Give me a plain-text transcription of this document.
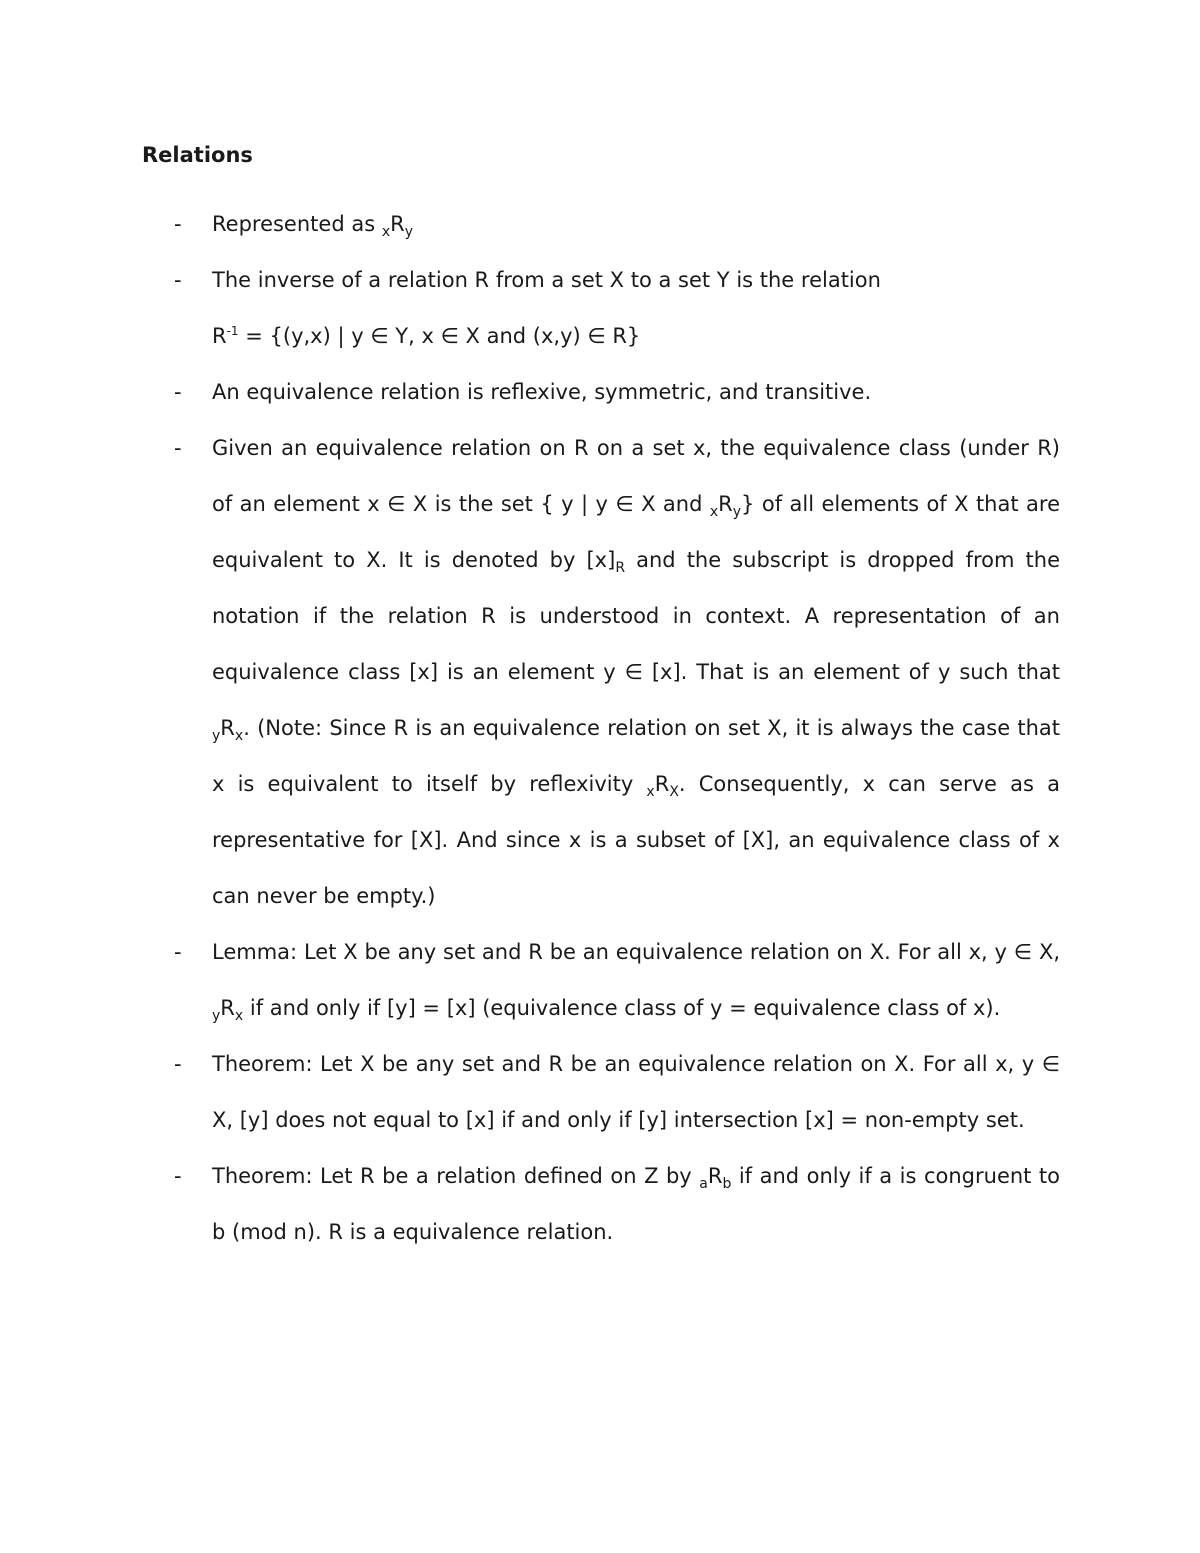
Relations
- Represented as $_xR_y$
- The inverse of a relation R from a set X to a set Y is the relation
$R^{-1} = \{(y,x)$ | y ∈ Y, x ∈ X and (x,y) ∈ R}
- An equivalence relation is reflexive, symmetric, and transitive.
- Given an equivalence relation on R on a set x, the equivalence class (under R) of an element x ∈ X is the set { y | y ∈ X and $_xR_y$} of all elements of X that are equivalent to X. It is denoted by $[x]_R$ and the subscript is dropped from the notation if the relation R is understood in context. A representation of an equivalence class [x] is an element y ∈ [x]. That is an element of y such that $_yR_x$. (Note: Since R is an equivalence relation on set X, it is always the case that x is equivalent to itself by reflexivity $_xR_X$. Consequently, x can serve as a representative for [X]. And since x is a subset of [X], an equivalence class of x can never be empty.)
- Lemma: Let X be any set and R be an equivalence relation on X. For all x, y ∈ X, $_yR_x$ if and only if [y] = [x] (equivalence class of y = equivalence class of x).
- Theorem: Let X be any set and R be an equivalence relation on X. For all x, y ∈ X, [y] does not equal to [x] if and only if [y] intersection [x] = non-empty set.
- Theorem: Let R be a relation defined on Z by $_aR_b$ if and only if a is congruent to b (mod n). R is a equivalence relation.
